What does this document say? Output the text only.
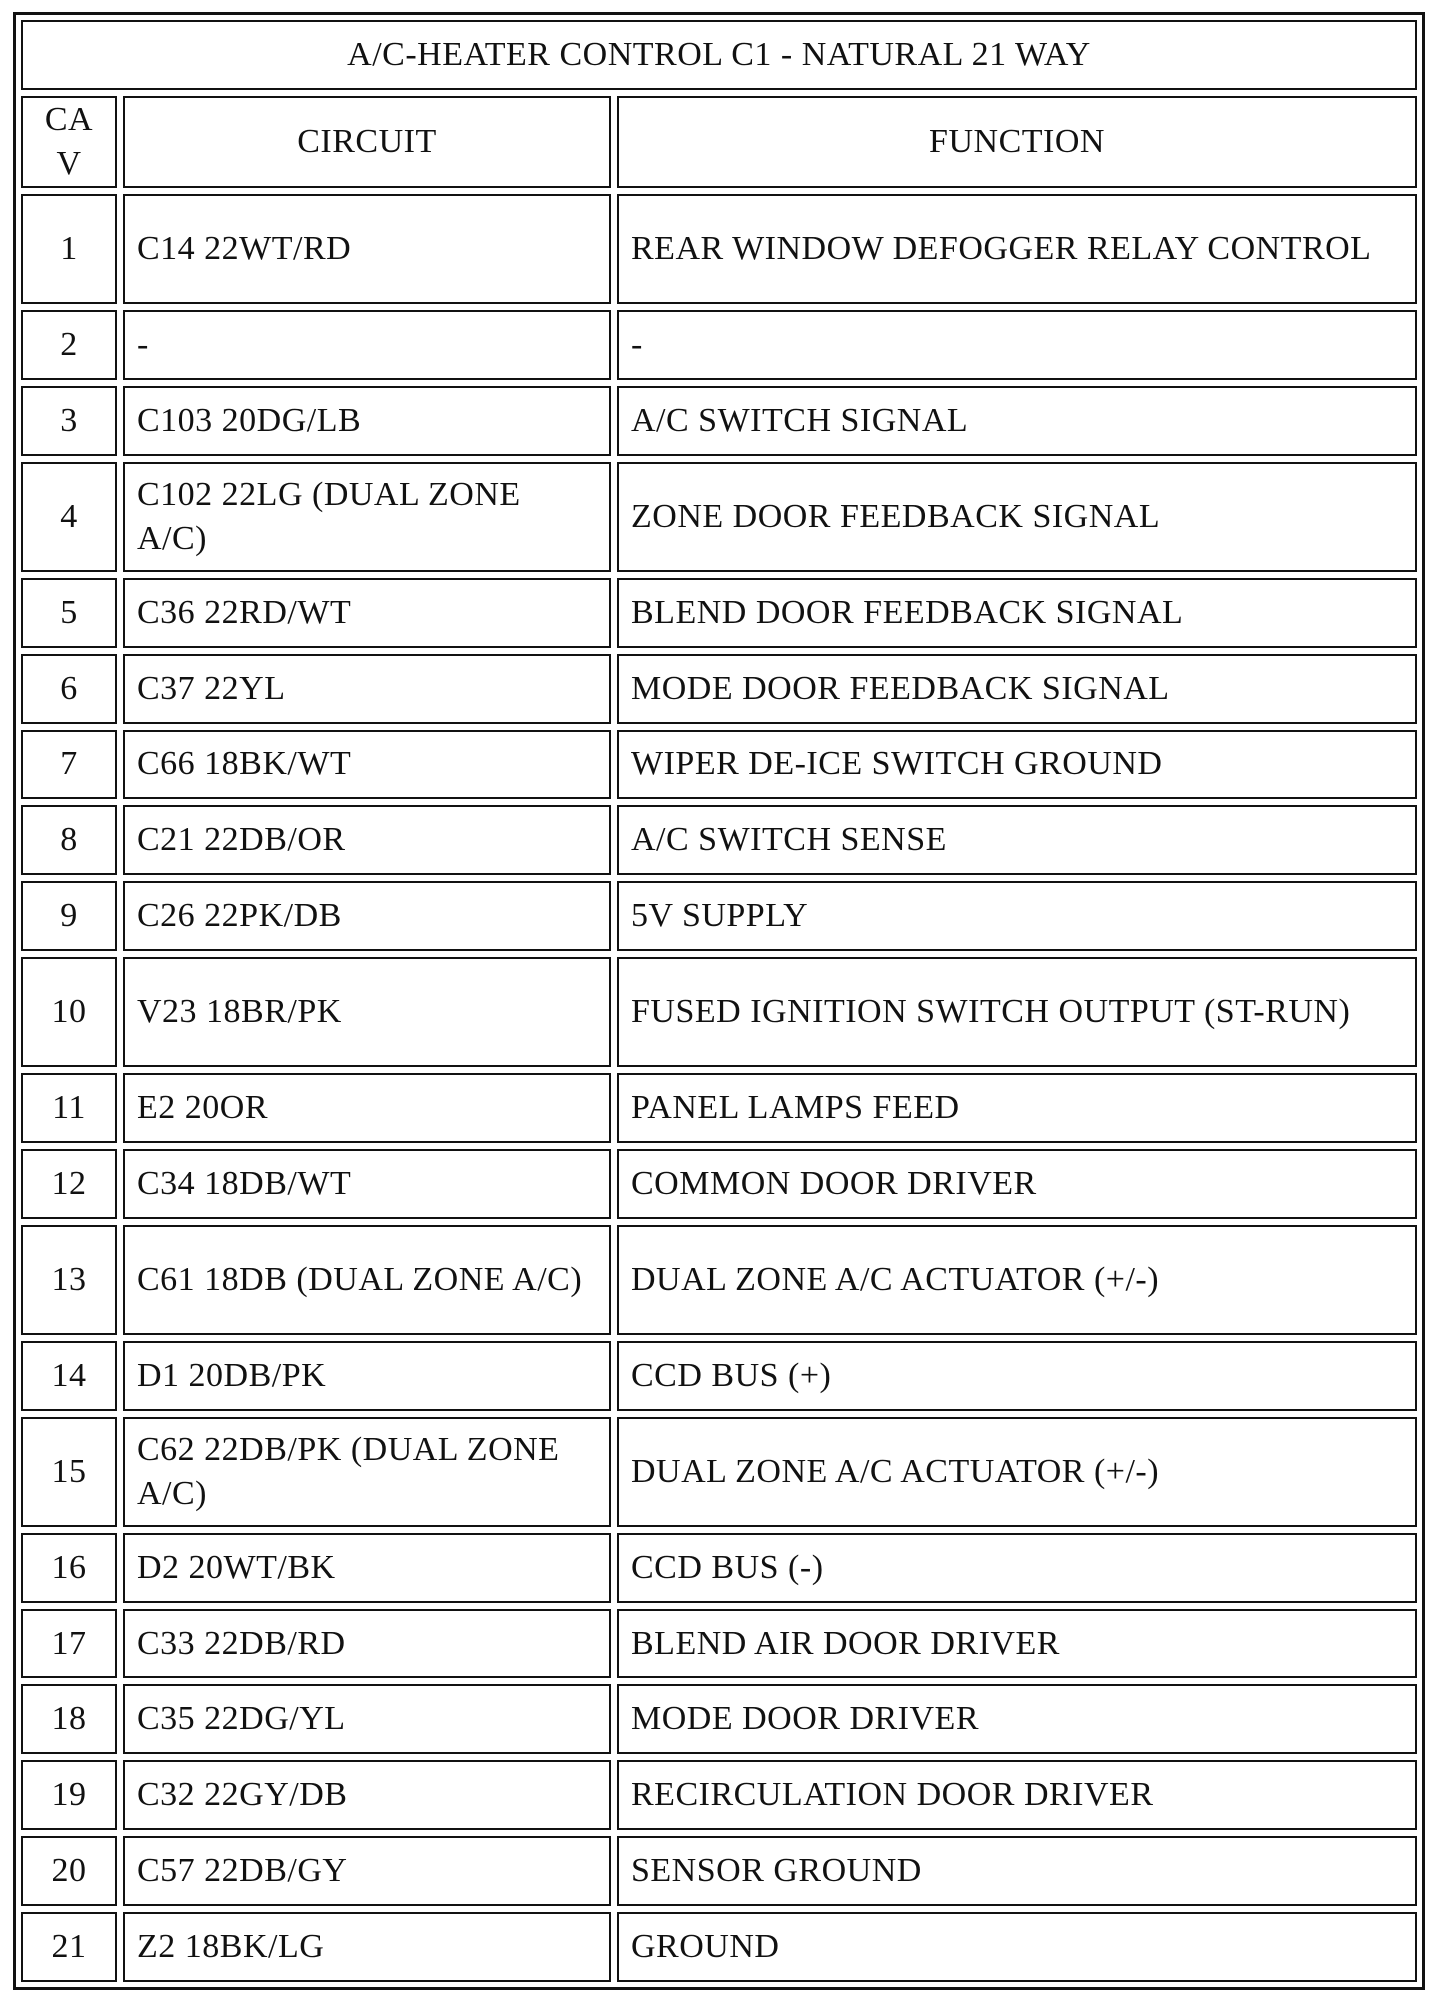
A/C-HEATER CONTROL C1 - NATURAL 21 WAY		
CAV	CIRCUIT	FUNCTION
1	C14 22WT/RD	REAR WINDOW DEFOGGER RELAY CONTROL
2	-	-
3	C103 20DG/LB	A/C SWITCH SIGNAL
4	C102 22LG (DUAL ZONE A/C)	ZONE DOOR FEEDBACK SIGNAL
5	C36 22RD/WT	BLEND DOOR FEEDBACK SIGNAL
6	C37 22YL	MODE DOOR FEEDBACK SIGNAL
7	C66 18BK/WT	WIPER DE-ICE SWITCH GROUND
8	C21 22DB/OR	A/C SWITCH SENSE
9	C26 22PK/DB	5V SUPPLY
10	V23 18BR/PK	FUSED IGNITION SWITCH OUTPUT (ST-RUN)
11	E2 20OR	PANEL LAMPS FEED
12	C34 18DB/WT	COMMON DOOR DRIVER
13	C61 18DB (DUAL ZONE A/C)	DUAL ZONE A/C ACTUATOR (+/-)
14	D1 20DB/PK	CCD BUS (+)
15	C62 22DB/PK (DUAL ZONE A/C)	DUAL ZONE A/C ACTUATOR (+/-)
16	D2 20WT/BK	CCD BUS (-)
17	C33 22DB/RD	BLEND AIR DOOR DRIVER
18	C35 22DG/YL	MODE DOOR DRIVER
19	C32 22GY/DB	RECIRCULATION DOOR DRIVER
20	C57 22DB/GY	SENSOR GROUND
21	Z2 18BK/LG	GROUND
